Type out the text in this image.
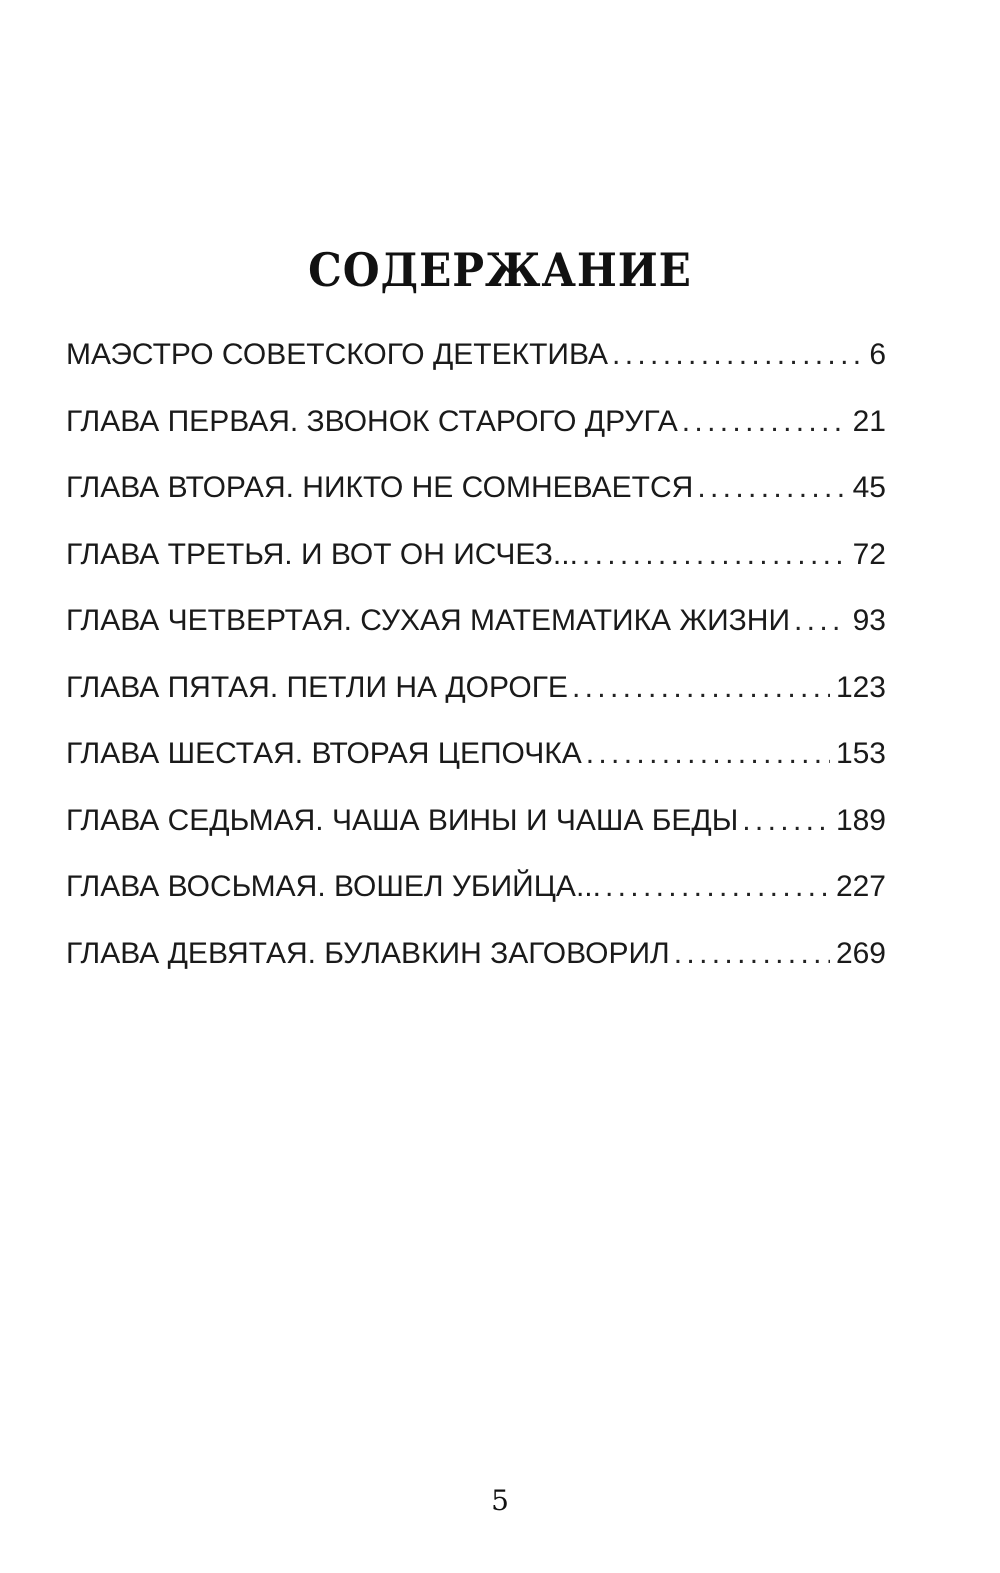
СОДЕРЖАНИЕ
МАЭСТРО СОВЕТСКОГО ДЕТЕКТИВА . . .	6
ГЛАВА ПЕРВАЯ. ЗВОНОК СТАРОГО ДРУГА . . .	21
ГЛАВА ВТОРАЯ. НИКТО НЕ СОМНЕВАЕТСЯ . . .	45
ГЛАВА ТРЕТЬЯ. И ВОТ ОН ИСЧЕЗ... . . .	72
ГЛАВА ЧЕТВЕРТАЯ. СУХАЯ МАТЕМАТИКА ЖИЗНИ . . . 93
ГЛАВА ПЯТАЯ. ПЕТЛИ НА ДОРОГЕ . . .	123
ГЛАВА ШЕСТАЯ. ВТОРАЯ ЦЕПОЧКА . . .	153
ГЛАВА СЕДЬМАЯ. ЧАША ВИНЫ И ЧАША БЕДЫ . . .	189
ГЛАВА ВОСЬМАЯ. ВОШЕЛ УБИЙЦА... . . .	227
ГЛАВА ДЕВЯТАЯ. БУЛАВКИН ЗАГОВОРИЛ . . .	269
5
